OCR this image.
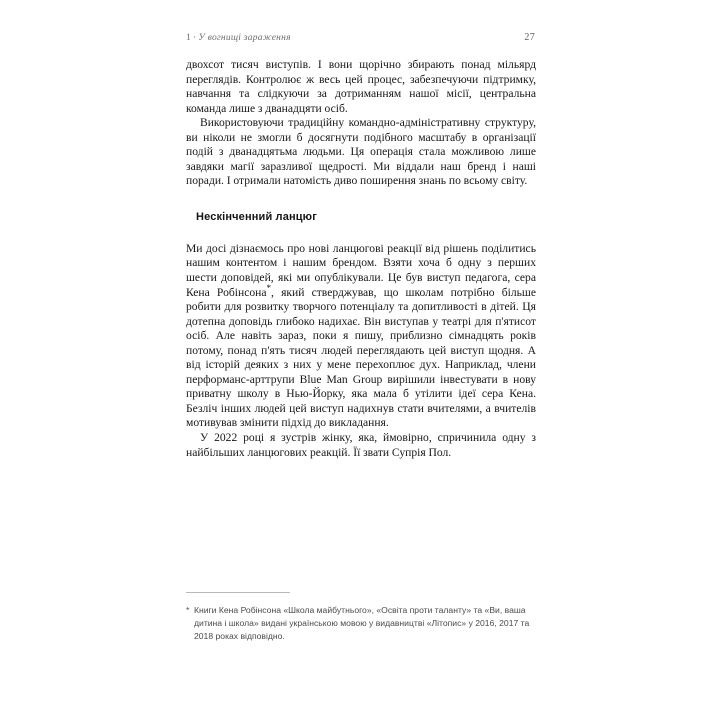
1 · У вогнищі зараження	27

двохсот тисяч виступів. І вони щорічно збирають понад мільярд переглядів. Контролює ж весь цей процес, забезпечуючи підтримку, навчання та слідкуючи за дотриманням нашої місії, центральна команда лише з дванадцяти осіб.

Використовуючи традиційну командно-адміністративну структуру, ви ніколи не змогли б досягнути подібного масштабу в організації подій з дванадцятьма людьми. Ця операція стала можливою лише завдяки магії заразливої щедрості. Ми віддали наш бренд і наші поради. І отримали натомість диво поширення знань по всьому світу.

Нескінченний ланцюг

Ми досі дізнаємось про нові ланцюгові реакції від рішень поділитись нашим контентом і нашим брендом. Взяти хоча б одну з перших шести доповідей, які ми опублікували. Це був виступ педагога, сера Кена Робінсона*, який стверджував, що школам потрібно більше робити для розвитку творчого потенціалу та допитливості в дітей. Ця дотепна доповідь глибоко надихає. Він виступав у театрі для п'ятисот осіб. Але навіть зараз, поки я пишу, приблизно сімнадцять років потому, понад п'ять тисяч людей переглядають цей виступ щодня. А від історій деяких з них у мене перехоплює дух. Наприклад, члени перформанс-арттрупи Blue Man Group вирішили інвестувати в нову приватну школу в Нью-Йорку, яка мала б утілити ідеї сера Кена. Безліч інших людей цей виступ надихнув стати вчителями, а вчителів мотивував змінити підхід до викладання.

У 2022 році я зустрів жінку, яка, ймовірно, спричинила одну з найбільших ланцюгових реакцій. Її звати Супрія Пол.

* Книги Кена Робінсона «Школа майбутнього», «Освіта проти таланту» та «Ви, ваша дитина і школа» видані українською мовою у видавництві «Літопис» у 2016, 2017 та 2018 роках відповідно.
